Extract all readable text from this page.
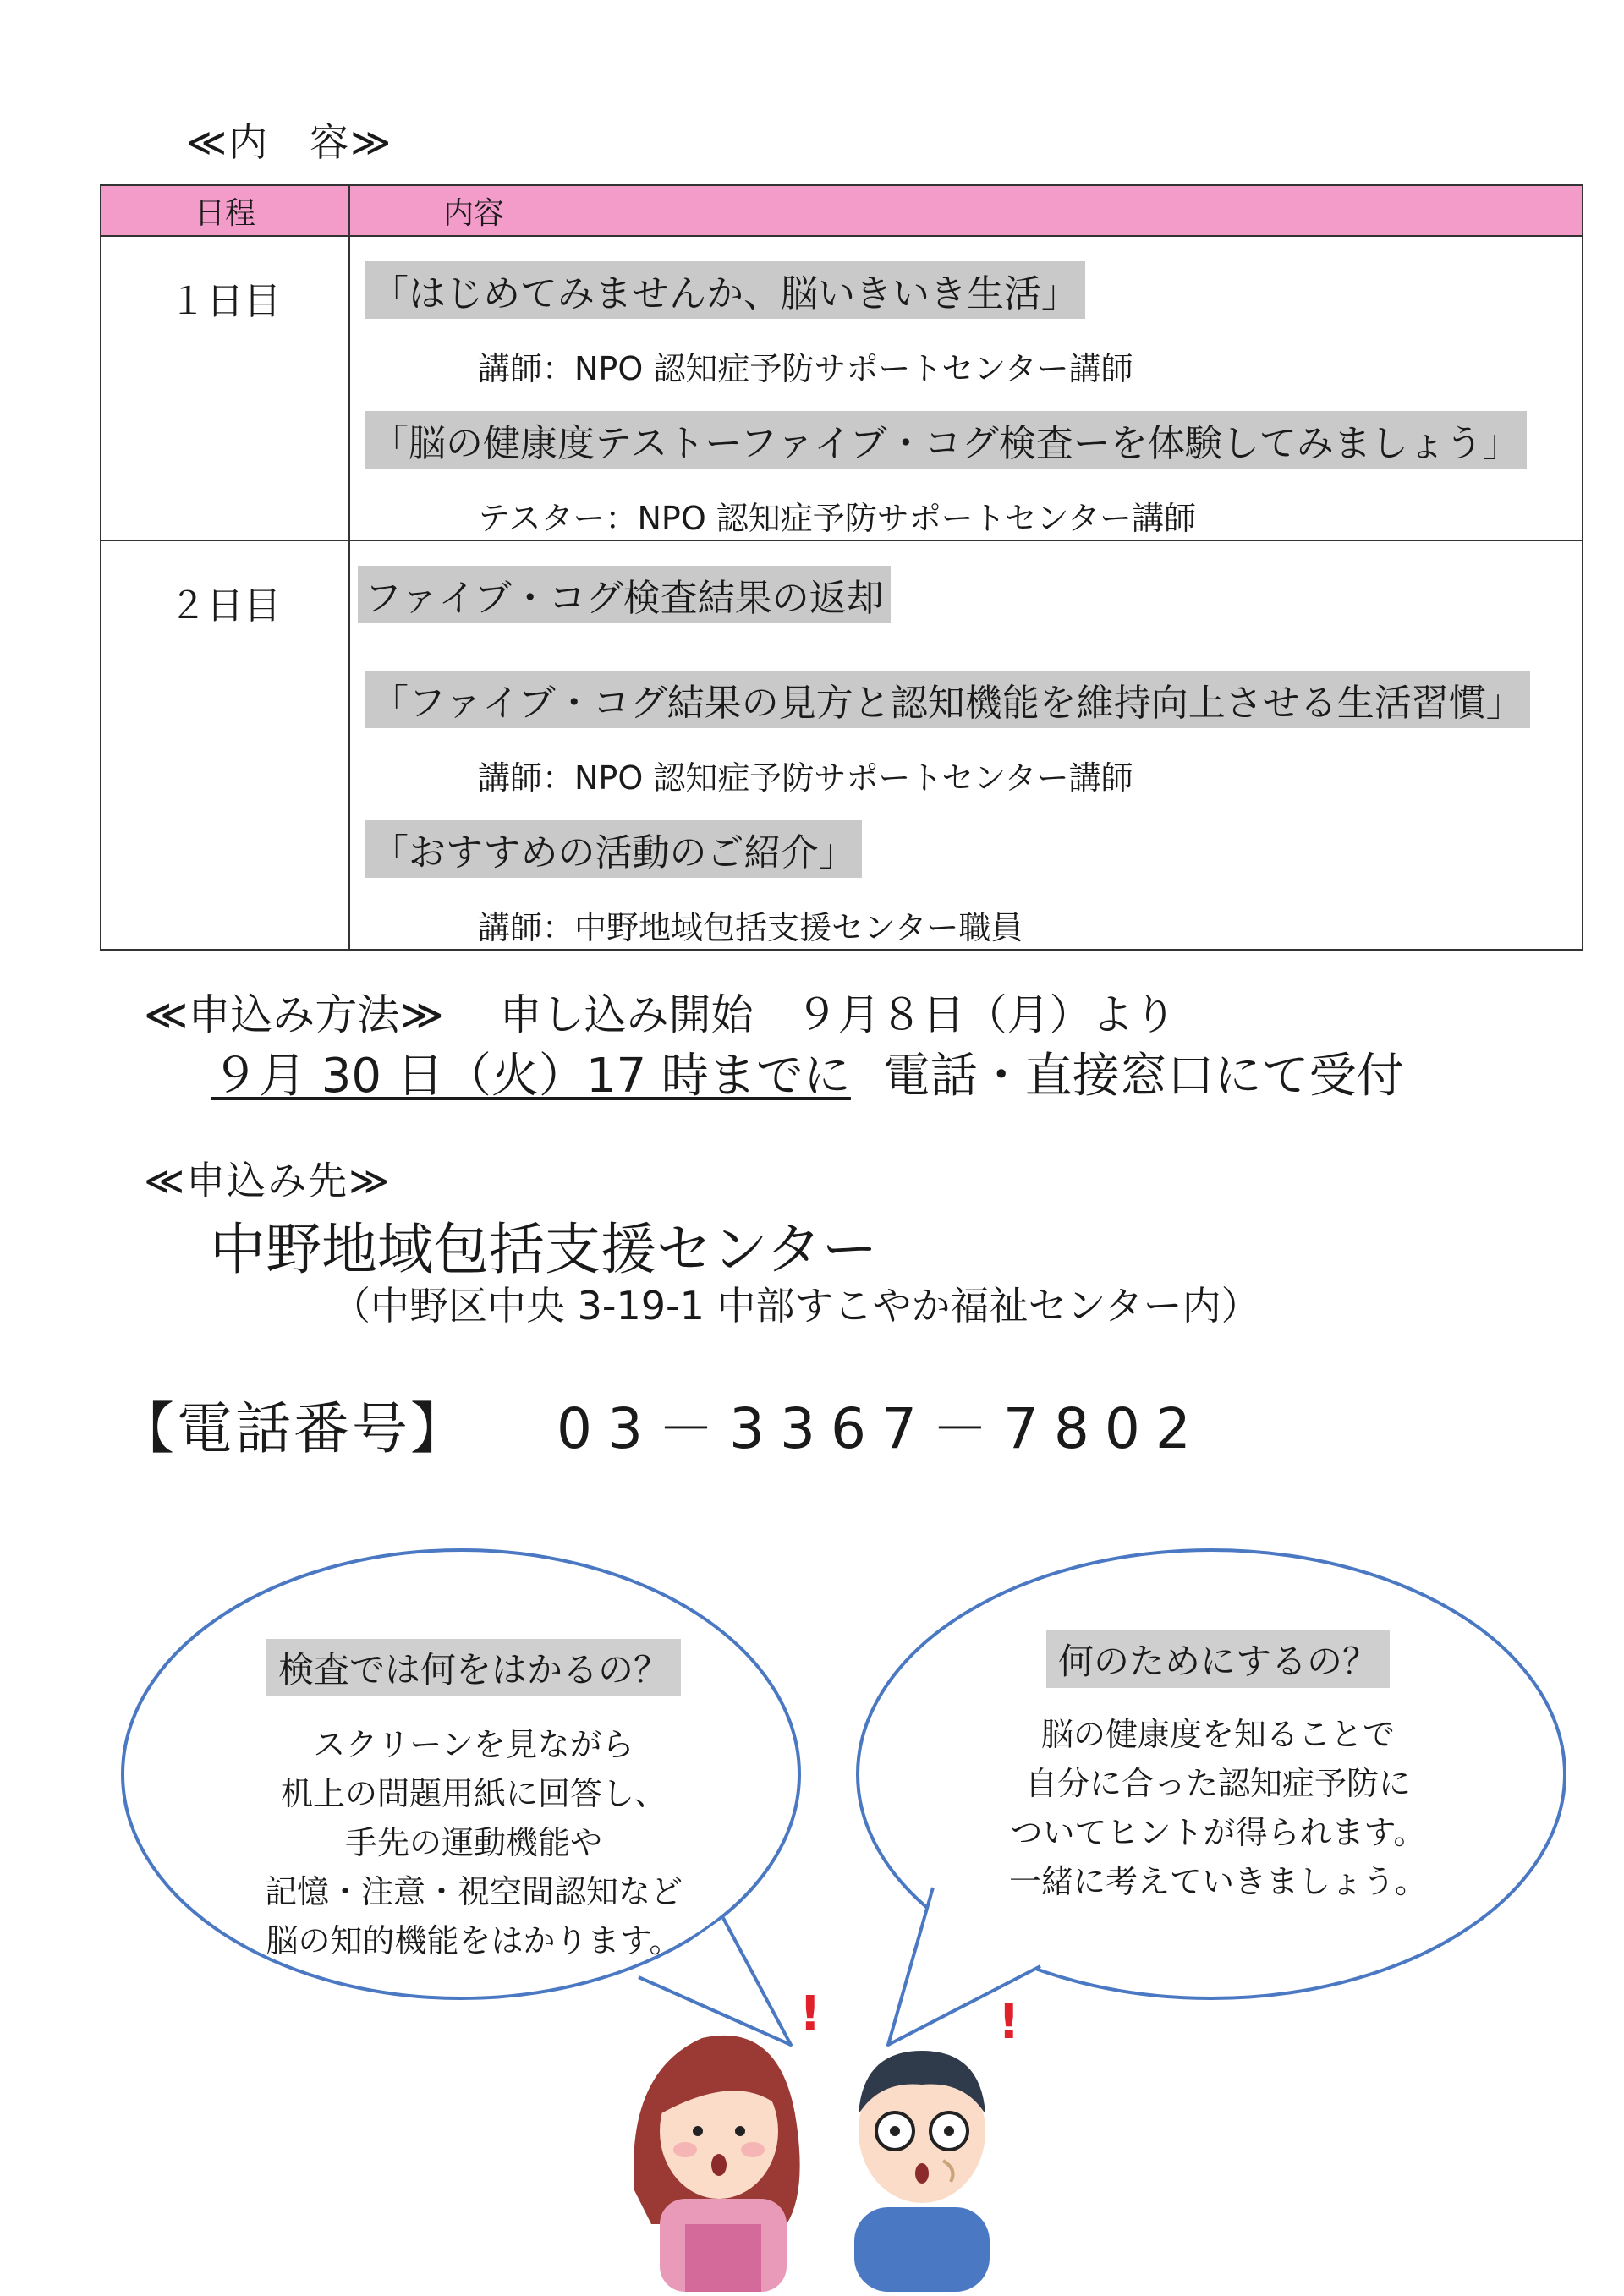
≪内　容≫
日程	内容
１日目	「はじめてみませんか、脳いきいき生活」
講師：NPO 認知症予防サポートセンター講師
「脳の健康度テストーファイブ・コグ検査ーを体験してみましょう」
テスター：NPO 認知症予防サポートセンター講師

２日目	ファイブ・コグ検査結果の返却
「ファイブ・コグ結果の見方と認知機能を維持向上させる生活習慣」
講師：NPO 認知症予防サポートセンター講師
「おすすめの活動のご紹介」
講師：中野地域包括支援センター職員
≪申込み方法≫ 申し込み開始　９月８日（月）より
９月 30 日（火）17 時までに 電話・直接窓口にて受付
≪申込み先≫
中野地域包括支援センター
（中野区中央 3-19-1 中部すこやか福祉センター内）
【電話番号】 03－3367－7802
検査では何をはかるの？
スクリーンを見ながら
机上の問題用紙に回答し、
手先の運動機能や
記憶・注意・視空間認知など
脳の知的機能をはかります。
何のためにするの？
脳の健康度を知ることで
自分に合った認知症予防に
ついてヒントが得られます。
一緒に考えていきましょう。
!	!
